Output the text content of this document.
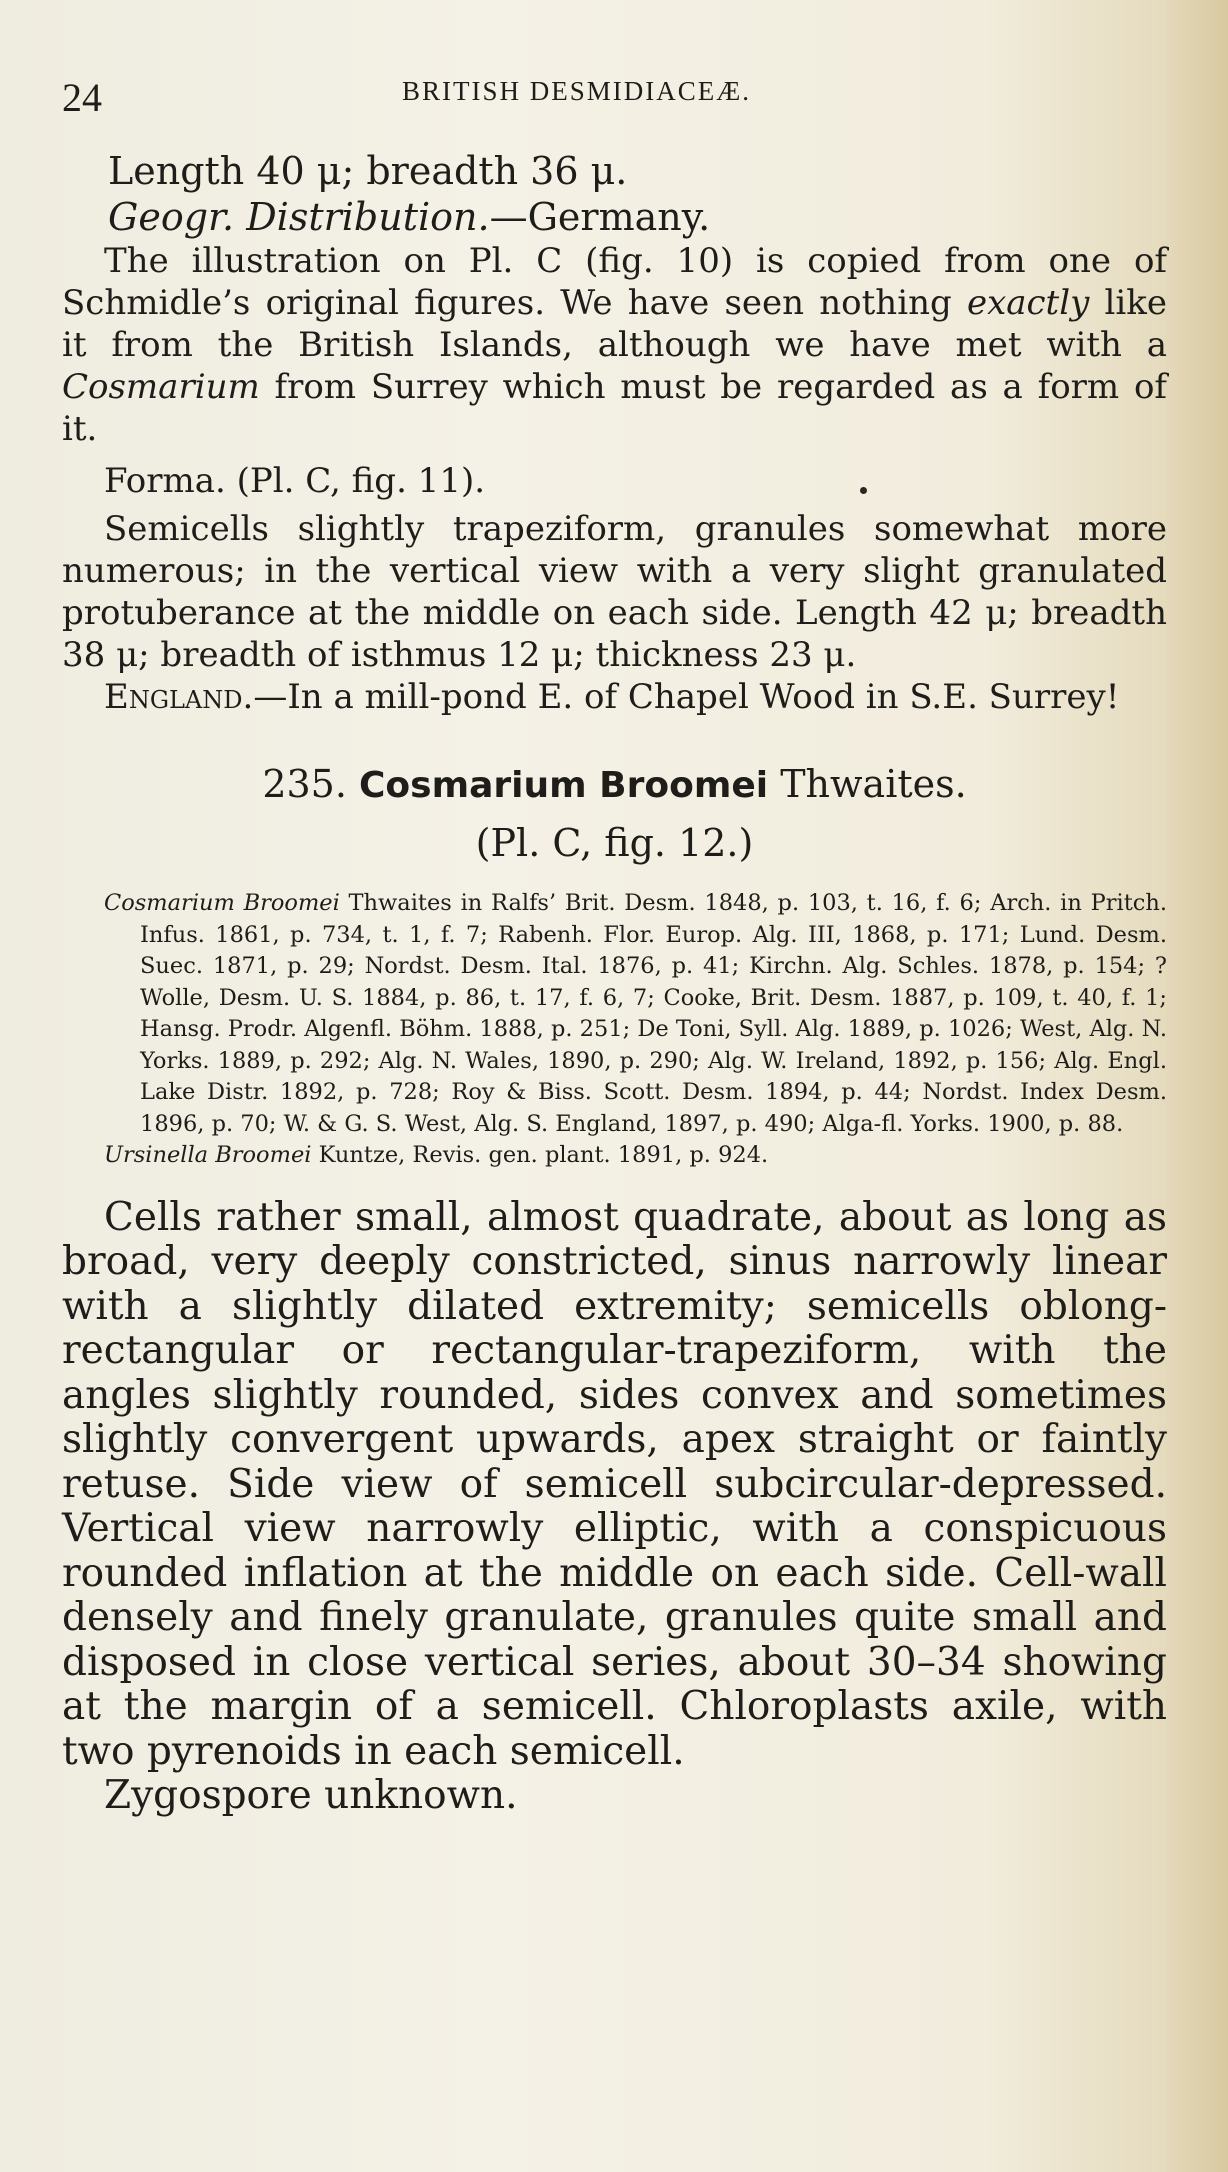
24	BRITISH DESMIDIACEÆ.

Length 40 μ; breadth 36 μ.

Geogr. Distribution.—Germany.

The illustration on Pl. C (fig. 10) is copied from one of Schmidle’s original figures. We have seen nothing exactly like it from the British Islands, although we have met with a Cosmarium from Surrey which must be regarded as a form of it.

Forma. (Pl. C, fig. 11).

Semicells slightly trapeziform, granules somewhat more numerous; in the vertical view with a very slight granulated protuberance at the middle on each side. Length 42 μ; breadth 38 μ; breadth of isthmus 12 μ; thickness 23 μ.

England.—In a mill-pond E. of Chapel Wood in S.E. Surrey!

235. Cosmarium Broomei Thwaites.
(Pl. C, fig. 12.)

Cosmarium Broomei Thwaites in Ralfs’ Brit. Desm. 1848, p. 103, t. 16, f. 6; Arch. in Pritch. Infus. 1861, p. 734, t. 1, f. 7; Rabenh. Flor. Europ. Alg. III, 1868, p. 171; Lund. Desm. Suec. 1871, p. 29; Nordst. Desm. Ital. 1876, p. 41; Kirchn. Alg. Schles. 1878, p. 154; ? Wolle, Desm. U. S. 1884, p. 86, t. 17, f. 6, 7; Cooke, Brit. Desm. 1887, p. 109, t. 40, f. 1; Hansg. Prodr. Algenfl. Böhm. 1888, p. 251; De Toni, Syll. Alg. 1889, p. 1026; West, Alg. N. Yorks. 1889, p. 292; Alg. N. Wales, 1890, p. 290; Alg. W. Ireland, 1892, p. 156; Alg. Engl. Lake Distr. 1892, p. 728; Roy & Biss. Scott. Desm. 1894, p. 44; Nordst. Index Desm. 1896, p. 70; W. & G. S. West, Alg. S. England, 1897, p. 490; Alga-fl. Yorks. 1900, p. 88.

Ursinella Broomei Kuntze, Revis. gen. plant. 1891, p. 924.

Cells rather small, almost quadrate, about as long as broad, very deeply constricted, sinus narrowly linear with a slightly dilated extremity; semicells oblong-rectangular or rectangular-trapeziform, with the angles slightly rounded, sides convex and sometimes slightly convergent upwards, apex straight or faintly retuse. Side view of semicell subcircular-depressed. Vertical view narrowly elliptic, with a conspicuous rounded inflation at the middle on each side. Cell-wall densely and finely granulate, granules quite small and disposed in close vertical series, about 30–34 showing at the margin of a semicell. Chloroplasts axile, with two pyrenoids in each semicell.

Zygospore unknown.
